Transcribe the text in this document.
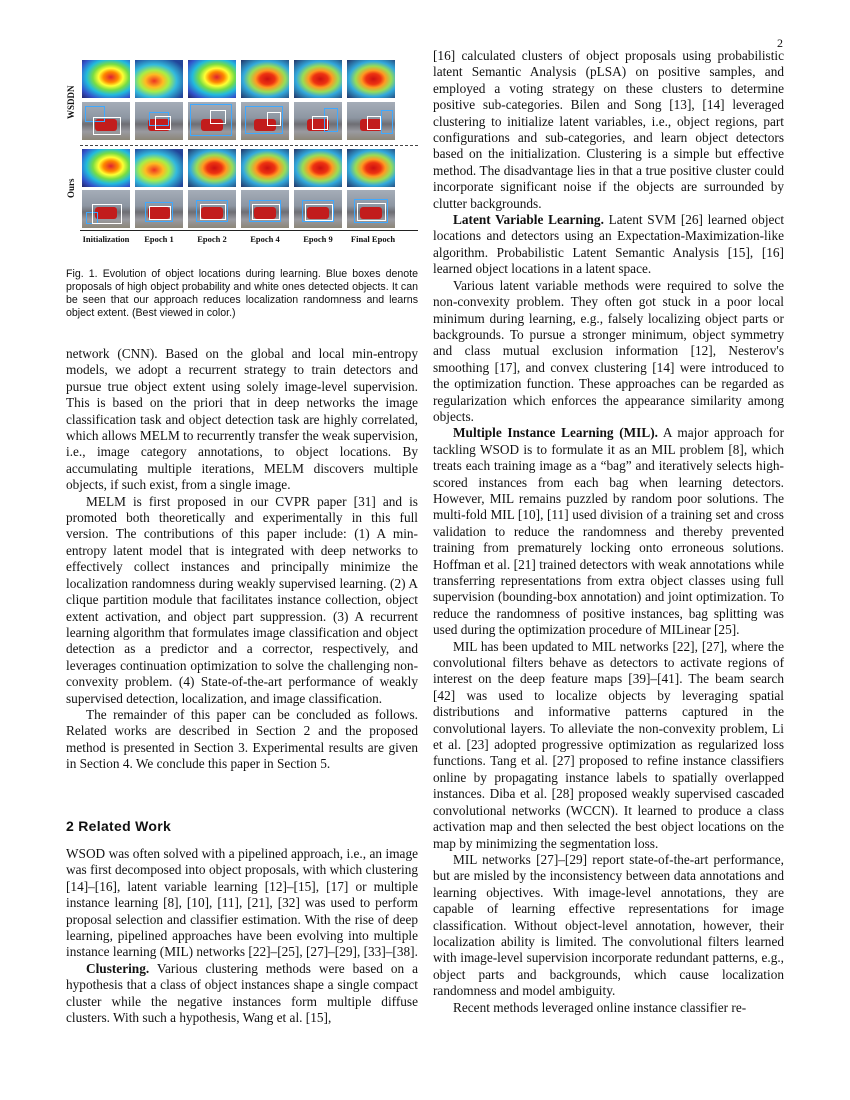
2
WSDDN
Ours
Initialization	Epoch 1	Epoch 2	Epoch 4	Epoch 9	Final Epoch
Fig. 1. Evolution of object locations during learning. Blue boxes denote proposals of high object probability and white ones detected objects. It can be seen that our approach reduces localization randomness and learns object extent. (Best viewed in color.)

network (CNN). Based on the global and local min-entropy models, we adopt a recurrent strategy to train detectors and pursue true object extent using solely image-level supervision. This is based on the priori that in deep networks the image classification task and object detection task are highly correlated, which allows MELM to recurrently transfer the weak supervision, i.e., image category annotations, to object locations. By accumulating multiple iterations, MELM discovers multiple objects, if such exist, from a single image.

MELM is first proposed in our CVPR paper [31] and is promoted both theoretically and experimentally in this full version. The contributions of this paper include: (1) A min-entropy latent model that is integrated with deep networks to effectively collect instances and principally minimize the localization randomness during weakly supervised learning. (2) A clique partition module that facilitates instance collection, object extent activation, and object part suppression. (3) A recurrent learning algorithm that formulates image classification and object detection as a predictor and a corrector, respectively, and leverages continuation optimization to solve the challenging non-convexity problem. (4) State-of-the-art performance of weakly supervised detection, localization, and image classification.

The remainder of this paper can be concluded as follows. Related works are described in Section 2 and the proposed method is presented in Section 3. Experimental results are given in Section 4. We conclude this paper in Section 5.

2 Related Work

WSOD was often solved with a pipelined approach, i.e., an image was first decomposed into object proposals, with which clustering [14]–[16], latent variable learning [12]–[15], [17] or multiple instance learning [8], [10], [11], [21], [32] was used to perform proposal selection and classifier estimation. With the rise of deep learning, pipelined approaches have been evolving into multiple instance learning (MIL) networks [22]–[25], [27]–[29], [33]–[38].

Clustering. Various clustering methods were based on a hypothesis that a class of object instances shape a single compact cluster while the negative instances form multiple diffuse clusters. With such a hypothesis, Wang et al. [15],

[16] calculated clusters of object proposals using probabilistic latent Semantic Analysis (pLSA) on positive samples, and employed a voting strategy on these clusters to determine positive sub-categories. Bilen and Song [13], [14] leveraged clustering to initialize latent variables, i.e., object regions, part configurations and sub-categories, and learn object detectors based on the initialization. Clustering is a simple but effective method. The disadvantage lies in that a true positive cluster could incorporate significant noise if the objects are surrounded by clutter backgrounds.

Latent Variable Learning. Latent SVM [26] learned object locations and detectors using an Expectation-Maximization-like algorithm. Probabilistic Latent Semantic Analysis [15], [16] learned object locations in a latent space.

Various latent variable methods were required to solve the non-convexity problem. They often got stuck in a poor local minimum during learning, e.g., falsely localizing object parts or backgrounds. To pursue a stronger minimum, object symmetry and class mutual exclusion information [12], Nesterov's smoothing [17], and convex clustering [14] were introduced to the optimization function. These approaches can be regarded as regularization which enforces the appearance similarity among objects.

Multiple Instance Learning (MIL). A major approach for tackling WSOD is to formulate it as an MIL problem [8], which treats each training image as a “bag” and iteratively selects high-scored instances from each bag when learning detectors. However, MIL remains puzzled by random poor solutions. The multi-fold MIL [10], [11] used division of a training set and cross validation to reduce the randomness and thereby prevented training from prematurely locking onto erroneous solutions. Hoffman et al. [21] trained detectors with weak annotations while transferring representations from extra object classes using full supervision (bounding-box annotation) and joint optimization. To reduce the randomness of positive instances, bag splitting was used during the optimization procedure of MILinear [25].

MIL has been updated to MIL networks [22], [27], where the convolutional filters behave as detectors to activate regions of interest on the deep feature maps [39]–[41]. The beam search [42] was used to localize objects by leveraging spatial distributions and informative patterns captured in the convolutional layers. To alleviate the non-convexity problem, Li et al. [23] adopted progressive optimization as regularized loss functions. Tang et al. [27] proposed to refine instance classifiers online by propagating instance labels to spatially overlapped instances. Diba et al. [28] proposed weakly supervised cascaded convolutional networks (WCCN). It learned to produce a class activation map and then selected the best object locations on the map by minimizing the segmentation loss.

MIL networks [27]–[29] report state-of-the-art performance, but are misled by the inconsistency between data annotations and learning objectives. With image-level annotations, they are capable of learning effective representations for image classification. Without object-level annotation, however, their localization ability is limited. The convolutional filters learned with image-level supervision incorporate redundant patterns, e.g., object parts and backgrounds, which cause localization randomness and model ambiguity.

Recent methods leveraged online instance classifier re-
